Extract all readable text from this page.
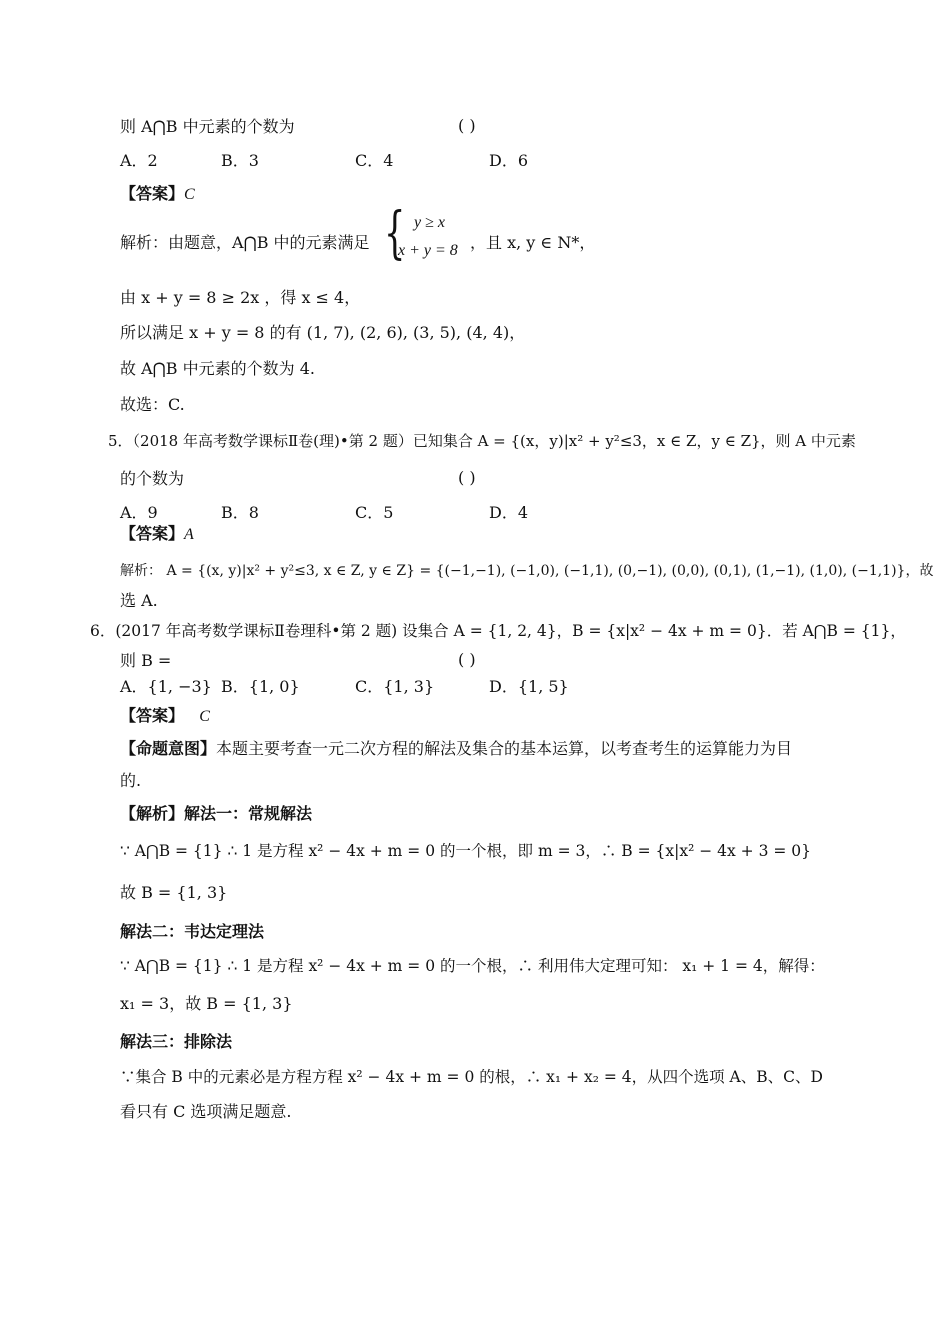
则 A⋂B 中元素的个数为	( )
A．2	B．3	C．4	D．6
【答案】C
解析：由题意，A⋂B 中的元素满足 { y ≥ x
x + y = 8 ，且 x, y ∈ N*，
由 x + y = 8 ≥ 2x ，得 x ≤ 4，
所以满足 x + y = 8 的有 (1, 7), (2, 6), (3, 5), (4, 4)，
故 A⋂B 中元素的个数为 4.
故选：C.
5．（2018 年高考数学课标Ⅱ卷(理)•第 2 题）已知集合 A = {(x，y)|x² + y²≤3，x ∈ Z，y ∈ Z}，则 A 中元素
的个数为	( )
A．9	B．8	C．5	D．4
【答案】A
解析： A = {(x, y)|x² + y²≤3, x ∈ Z, y ∈ Z} = {(−1,−1), (−1,0), (−1,1), (0,−1), (0,0), (0,1), (1,−1), (1,0), (−1,1)}，故
选 A.
6．(2017 年高考数学课标Ⅱ卷理科•第 2 题) 设集合 A = {1, 2, 4}，B = {x|x² − 4x + m = 0}．若 A⋂B = {1}，
则 B =	( )
A．{1, −3} B．{1, 0}	C．{1, 3}	D．{1, 5}
【答案】 C
【命题意图】本题主要考查一元二次方程的解法及集合的基本运算，以考查考生的运算能力为目
的.
【解析】解法一：常规解法
∵ A⋂B = {1} ∴ 1 是方程 x² − 4x + m = 0 的一个根，即 m = 3，∴ B = {x|x² − 4x + 3 = 0}
故 B = {1, 3}
解法二：韦达定理法
∵ A⋂B = {1} ∴ 1 是方程 x² − 4x + m = 0 的一个根，∴ 利用伟大定理可知： x₁ + 1 = 4，解得：
x₁ = 3，故 B = {1, 3}
解法三：排除法
∵集合 B 中的元素必是方程方程 x² − 4x + m = 0 的根，∴ x₁ + x₂ = 4，从四个选项 A、B、C、D
看只有 C 选项满足题意.
